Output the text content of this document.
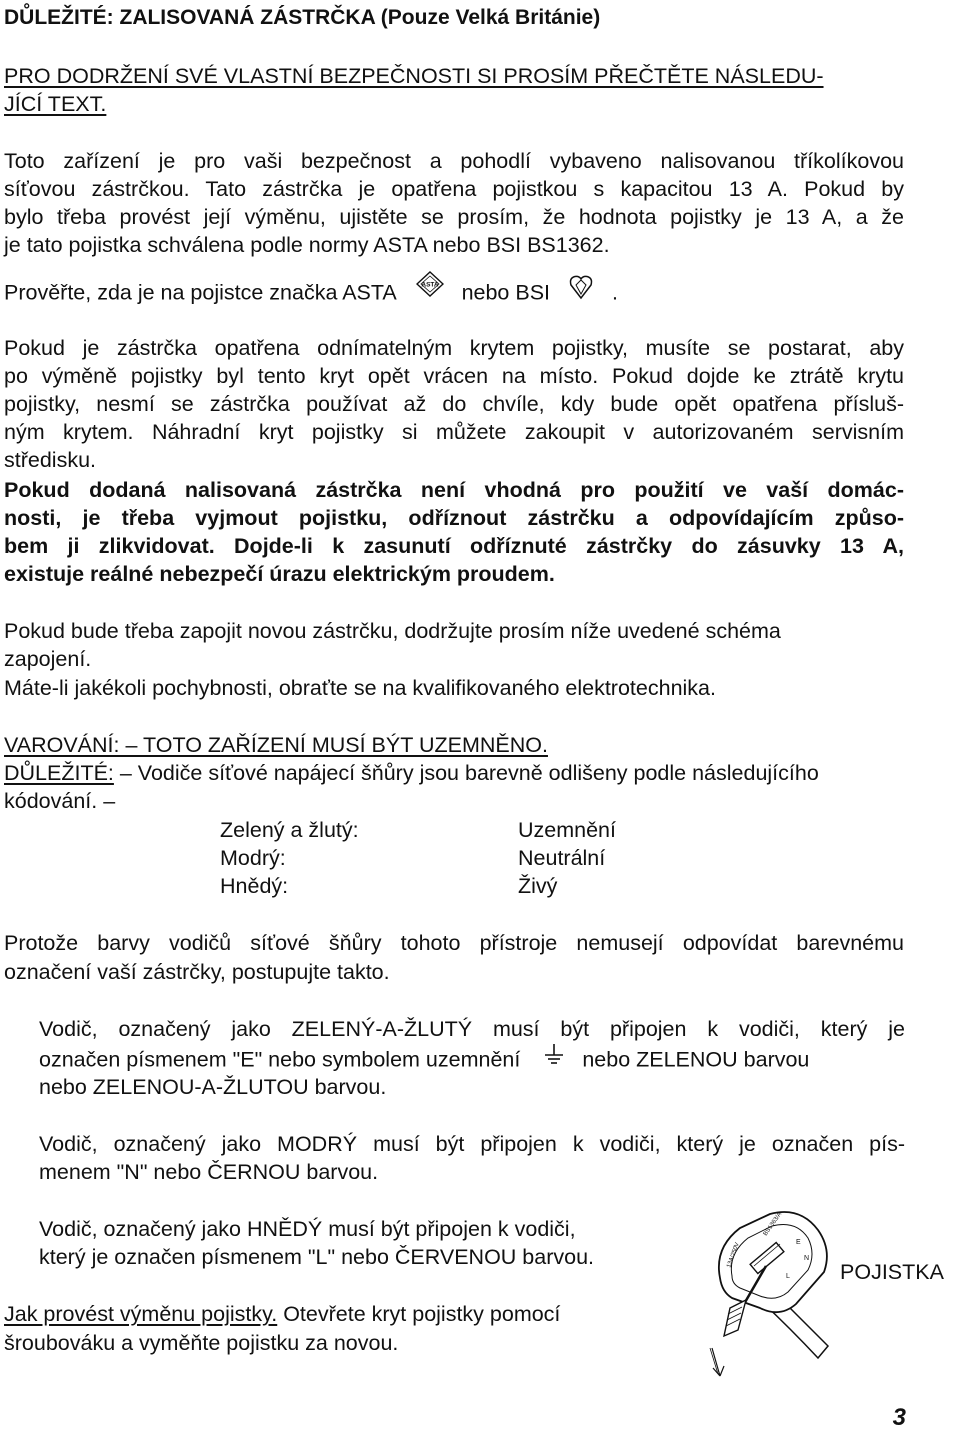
DŮLEŽITÉ: ZALISOVANÁ ZÁSTRČKA (Pouze Velká Británie)
PRO DODRŽENÍ SVÉ VLASTNÍ BEZPEČNOSTI SI PROSÍM PŘEČTĚTE NÁSLEDU-
JÍCÍ TEXT.
Toto zařízení je pro vaši bezpečnost a pohodlí vybaveno nalisovanou tříkolíkovou
síťovou zástrčkou. Tato zástrčka je opatřena pojistkou s kapacitou 13 A. Pokud by
bylo třeba provést její výměnu, ujistěte se prosím, že hodnota pojistky je 13 A, a že
je tato pojistka schválena podle normy ASTA nebo BSI BS1362.
Prověřte, zda je na pojistce značka ASTA	ASTA nebo BSI	.
Pokud je zástrčka opatřena odnímatelným krytem pojistky, musíte se postarat, aby
po výměně pojistky byl tento kryt opět vrácen na místo. Pokud dojde ke ztrátě krytu
pojistky, nesmí se zástrčka používat až do chvíle, kdy bude opět opatřena přísluš-
ným krytem. Náhradní kryt pojistky si můžete zakoupit v autorizovaném servisním
středisku.
Pokud dodaná nalisovaná zástrčka není vhodná pro použití ve vaší domác-
nosti, je třeba vyjmout pojistku, odříznout zástrčku a odpovídajícím způso-
bem ji zlikvidovat. Dojde-li k zasunutí odříznuté zástrčky do zásuvky 13 A,
existuje reálné nebezpečí úrazu elektrickým proudem.
Pokud bude třeba zapojit novou zástrčku, dodržujte prosím níže uvedené schéma
zapojení.
Máte-li jakékoli pochybnosti, obraťte se na kvalifikovaného elektrotechnika.
VAROVÁNÍ: – TOTO ZAŘÍZENÍ MUSÍ BÝT UZEMNĚNO.
DŮLEŽITÉ: – Vodiče síťové napájecí šňůry jsou barevně odlišeny podle následujícího
kódování. –
Zelený a žlutý:	Uzemnění
Modrý:	Neutrální
Hnědý:	Živý
Protože barvy vodičů síťové šňůry tohoto přístroje nemusejí odpovídat barevnému
označení vaší zástrčky, postupujte takto.
Vodič, označený jako ZELENÝ-A-ŽLUTÝ musí být připojen k vodiči, který je
označen písmenem "E" nebo symbolem uzemnění	nebo ZELENOU barvou
nebo ZELENOU-A-ŽLUTOU barvou.
Vodič, označený jako MODRÝ musí být připojen k vodiči, který je označen pís-
menem "N" nebo ČERNOU barvou.
Vodič, označený jako HNĚDÝ musí být připojen k vodiči,
který je označen písmenem "L" nebo ČERVENOU barvou.
Jak provést výměnu pojistky. Otevřete kryt pojistky pomocí
šroubováku a vyměňte pojistku za novou.
13A/250V
BS1363/A
E
N
L POJISTKA
3
